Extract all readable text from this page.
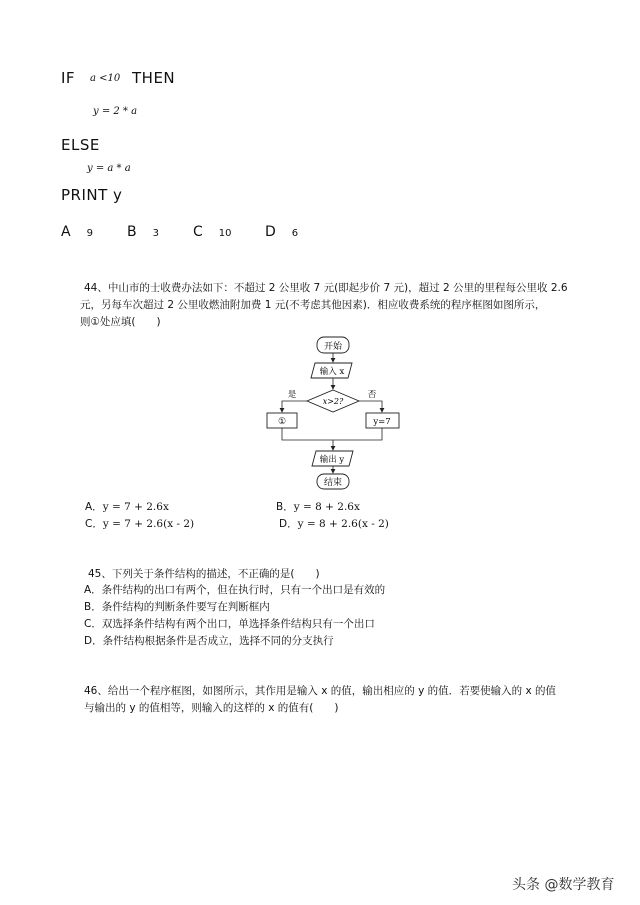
IF a <10 THEN
y = 2 * a
ELSE
y = a * a
PRINT y
A 9 B 3 C 10 D 6
44、中山市的士收费办法如下：不超过 2 公里收 7 元(即起步价 7 元)，超过 2 公里的里程每公里收 2.6
元，另每车次超过 2 公里收燃油附加费 1 元(不考虑其他因素)．相应收费系统的程序框图如图所示，
则①处应填(　　)
开始
输入 x
x>2?
是	否
①	y=7
输出 y
结束
A．y = 7 + 2.6x	B．y = 8 + 2.6x
C．y = 7 + 2.6(x - 2)	D．y = 8 + 2.6(x - 2)
45、下列关于条件结构的描述，不正确的是(　　)
A．条件结构的出口有两个，但在执行时，只有一个出口是有效的
B．条件结构的判断条件要写在判断框内
C．双选择条件结构有两个出口，单选择条件结构只有一个出口
D．条件结构根据条件是否成立，选择不同的分支执行
46、给出一个程序框图，如图所示，其作用是输入 x 的值，输出相应的 y 的值．若要使输入的 x 的值
与输出的 y 的值相等，则输入的这样的 x 的值有(　　)
头条 @数学教育
